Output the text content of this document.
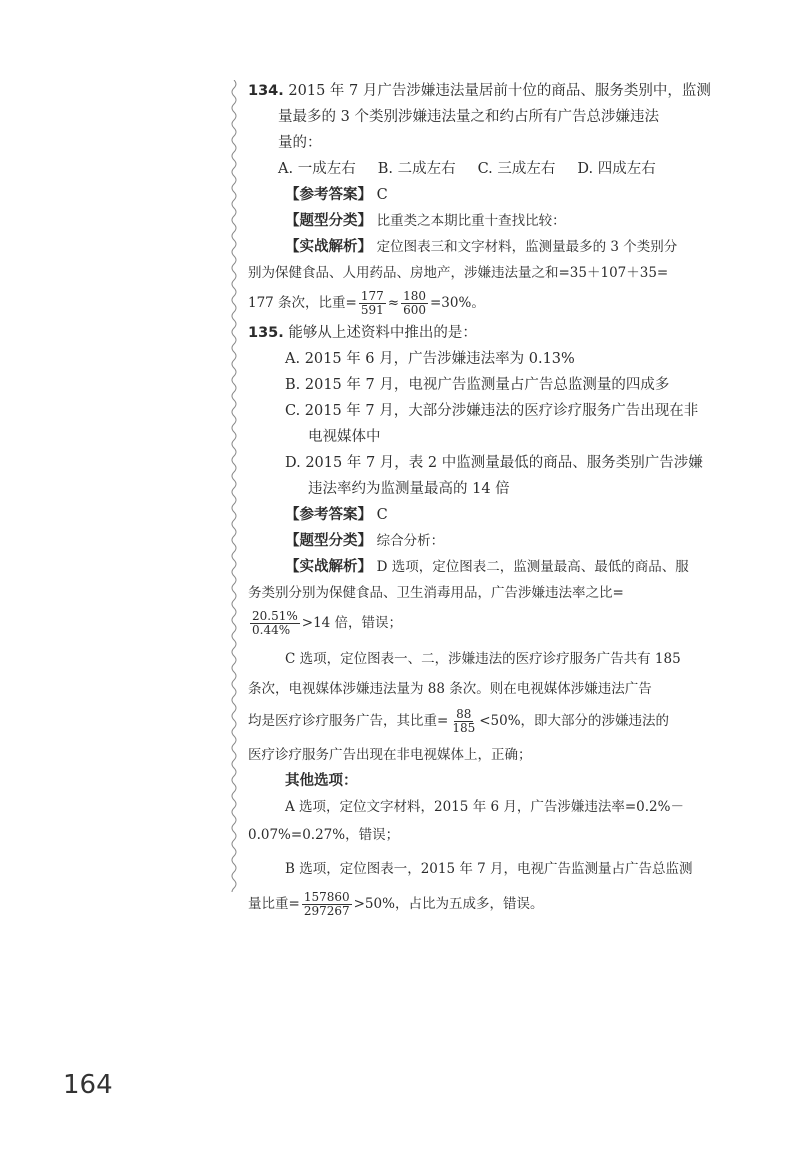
134. 2015 年 7 月广告涉嫌违法量居前十位的商品、服务类别中，监测
量最多的 3 个类别涉嫌违法量之和约占所有广告总涉嫌违法
量的：
A. 一成左右 B. 二成左右 C. 三成左右 D. 四成左右
【参考答案】 C
【题型分类】 比重类之本期比重十查找比较：
【实战解析】 定位图表三和文字材料，监测量最多的 3 个类别分
别为保健食品、人用药品、房地产，涉嫌违法量之和=35＋107＋35=
177 条次，比重= $\frac{177}{591} \approx \frac{180}{600} =30\%$。
135. 能够从上述资料中推出的是：
A. 2015 年 6 月，广告涉嫌违法率为 0.13%
B. 2015 年 7 月，电视广告监测量占广告总监测量的四成多
C. 2015 年 7 月，大部分涉嫌违法的医疗诊疗服务广告出现在非
电视媒体中
D. 2015 年 7 月，表 2 中监测量最低的商品、服务类别广告涉嫌
违法率约为监测量最高的 14 倍
【参考答案】 C
【题型分类】 综合分析：
【实战解析】 D 选项，定位图表二，监测量最高、最低的商品、服
务类别分别为保健食品、卫生消毒用品，广告涉嫌违法率之比=
$\frac{20.51\%}{0.44\%} >14$ 倍，错误；
C 选项，定位图表一、二，涉嫌违法的医疗诊疗服务广告共有 185
条次，电视媒体涉嫌违法量为 88 条次。则在电视媒体涉嫌违法广告
均是医疗诊疗服务广告，其比重= $\frac{88}{185} <50\%$，即大部分的涉嫌违法的
医疗诊疗服务广告出现在非电视媒体上，正确；
其他选项：
A 选项，定位文字材料，2015 年 6 月，广告涉嫌违法率=0.2%－
0.07%=0.27%，错误；
B 选项，定位图表一，2015 年 7 月，电视广告监测量占广告总监测
量比重= $\frac{157860}{297267} >50\%$，占比为五成多，错误。
164
